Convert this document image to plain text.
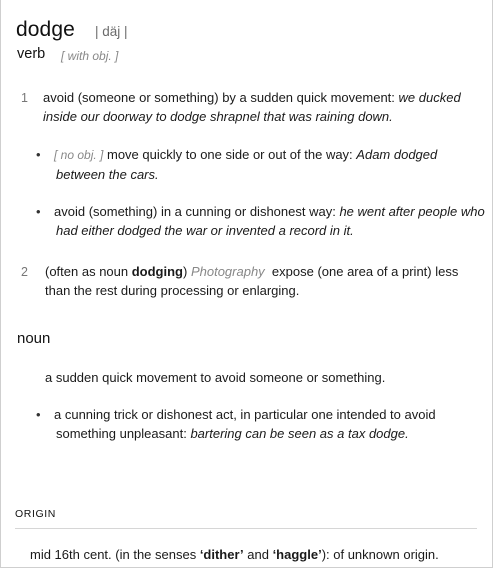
dodge | däj |
verb [ with obj. ]
1 avoid (someone or something) by a sudden quick movement: we ducked inside our doorway to dodge shrapnel that was raining down.
• [ no obj. ] move quickly to one side or out of the way: Adam dodged between the cars.
• avoid (something) in a cunning or dishonest way: he went after people who had either dodged the war or invented a record in it.
2 (often as noun dodging) Photography  expose (one area of a print) less than the rest during processing or enlarging.
noun
a sudden quick movement to avoid someone or something.
• a cunning trick or dishonest act, in particular one intended to avoid something unpleasant: bartering can be seen as a tax dodge.
ORIGIN
mid 16th cent. (in the senses ‘dither’ and ‘haggle’): of unknown origin.
